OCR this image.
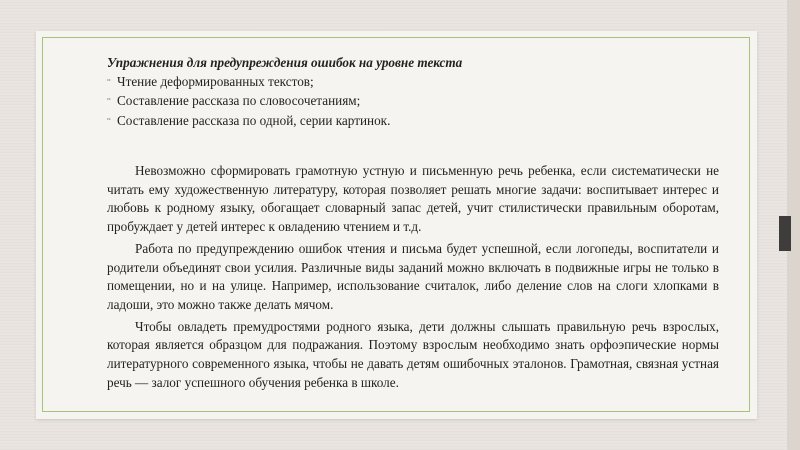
Упражнения для предупреждения ошибок на уровне текста
¨ Чтение деформированных текстов;
¨ Составление рассказа по словосочетаниям;
¨ Составление рассказа по одной, серии картинок.

Невозможно сформировать грамотную устную и письменную речь ребенка, если систематически не читать ему художественную литературу, которая позволяет решать многие задачи: воспитывает интерес и любовь к родному языку, обогащает словарный запас детей, учит стилистически правильным оборотам, пробуждает у детей интерес к овладению чтением и т.д.

Работа по предупреждению ошибок чтения и письма будет успешной, если логопеды, воспитатели и родители объединят свои усилия. Различные виды заданий можно включать в подвижные игры не только в помещении, но и на улице. Например, использование считалок, либо деление слов на слоги хлопками в ладоши, это можно также делать мячом.

Чтобы овладеть премудростями родного языка, дети должны слышать правильную речь взрослых, которая является образцом для подражания. Поэтому взрослым необходимо знать орфоэпические нормы литературного современного языка, чтобы не давать детям ошибочных эталонов. Грамотная, связная устная речь — залог успешного обучения ребенка в школе.
